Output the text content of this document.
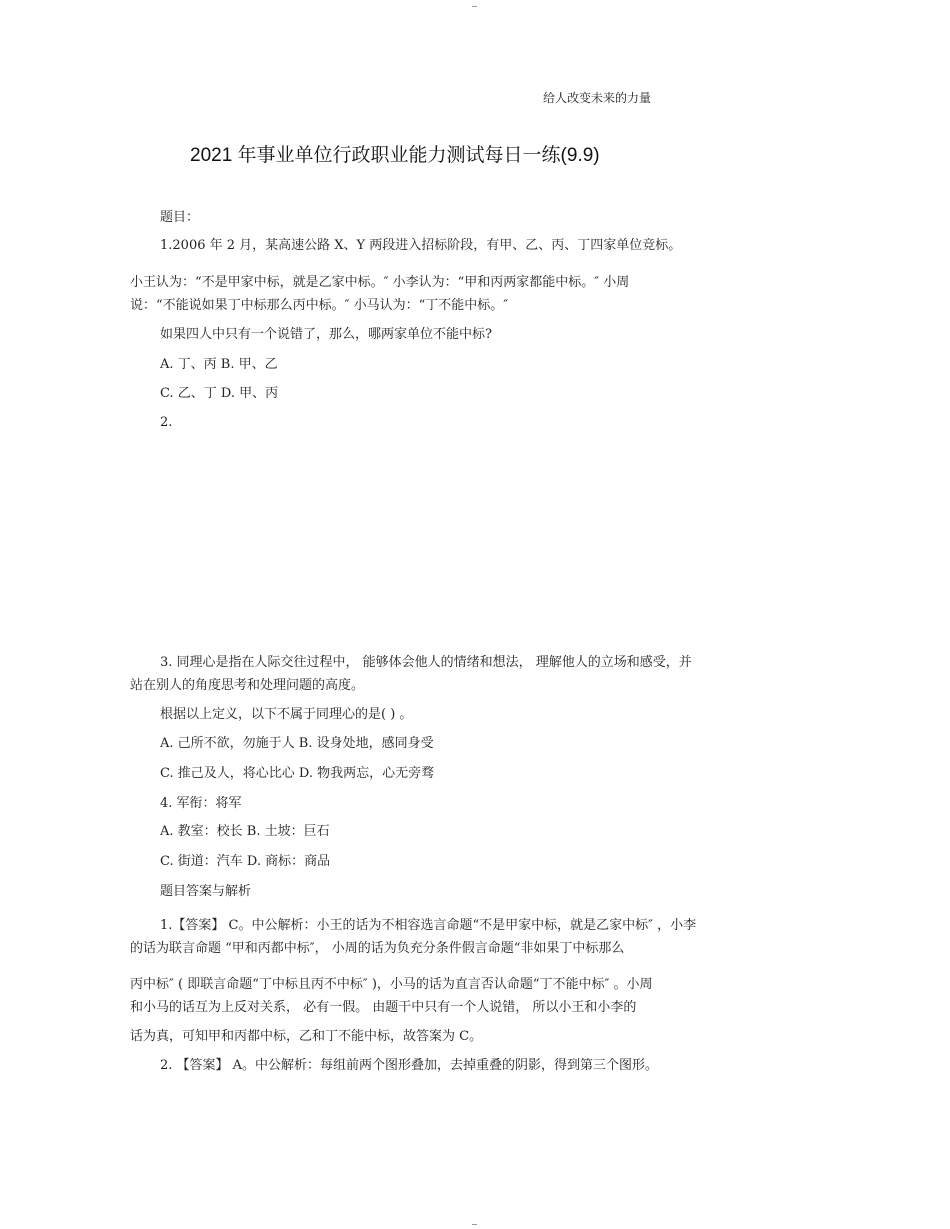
给人改变未来的力量
2021 年事业单位行政职业能力测试每日一练(9.9)
题目：
1.2006 年 2 月，某高速公路 X、Y 两段进入招标阶段，有甲、乙、丙、丁四家单位竞标。
小王认为：“不是甲家中标，就是乙家中标。″ 小李认为：“甲和丙两家都能中标。″ 小周
说：“不能说如果丁中标那么丙中标。″ 小马认为：“丁不能中标。″
如果四人中只有一个说错了，那么，哪两家单位不能中标?
A. 丁、丙 B. 甲、乙
C. 乙、丁 D. 甲、丙
2.
3. 同理心是指在人际交往过程中， 能够体会他人的情绪和想法， 理解他人的立场和感受，并
站在别人的角度思考和处理问题的高度。
根据以上定义，以下不属于同理心的是( ) 。
A. 己所不欲，勿施于人 B. 设身处地，感同身受
C. 推己及人，将心比心 D. 物我两忘，心无旁骛
4. 军衔：将军
A. 教室：校长 B. 土坡：巨石
C. 街道：汽车 D. 商标：商品
题目答案与解析
1.【答案】 C。中公解析：小王的话为不相容选言命题“不是甲家中标，就是乙家中标″ ，小李
的话为联言命题 “甲和丙都中标″， 小周的话为负充分条件假言命题“非如果丁中标那么
丙中标″ ( 即联言命题“丁中标且丙不中标″ )，小马的话为直言否认命题“丁不能中标″ 。小周
和小马的话互为上反对关系， 必有一假。 由题干中只有一个人说错， 所以小王和小李的
话为真，可知甲和丙都中标，乙和丁不能中标，故答案为 C。
2. 【答案】 A。中公解析：每组前两个图形叠加，去掉重叠的阴影，得到第三个图形。
